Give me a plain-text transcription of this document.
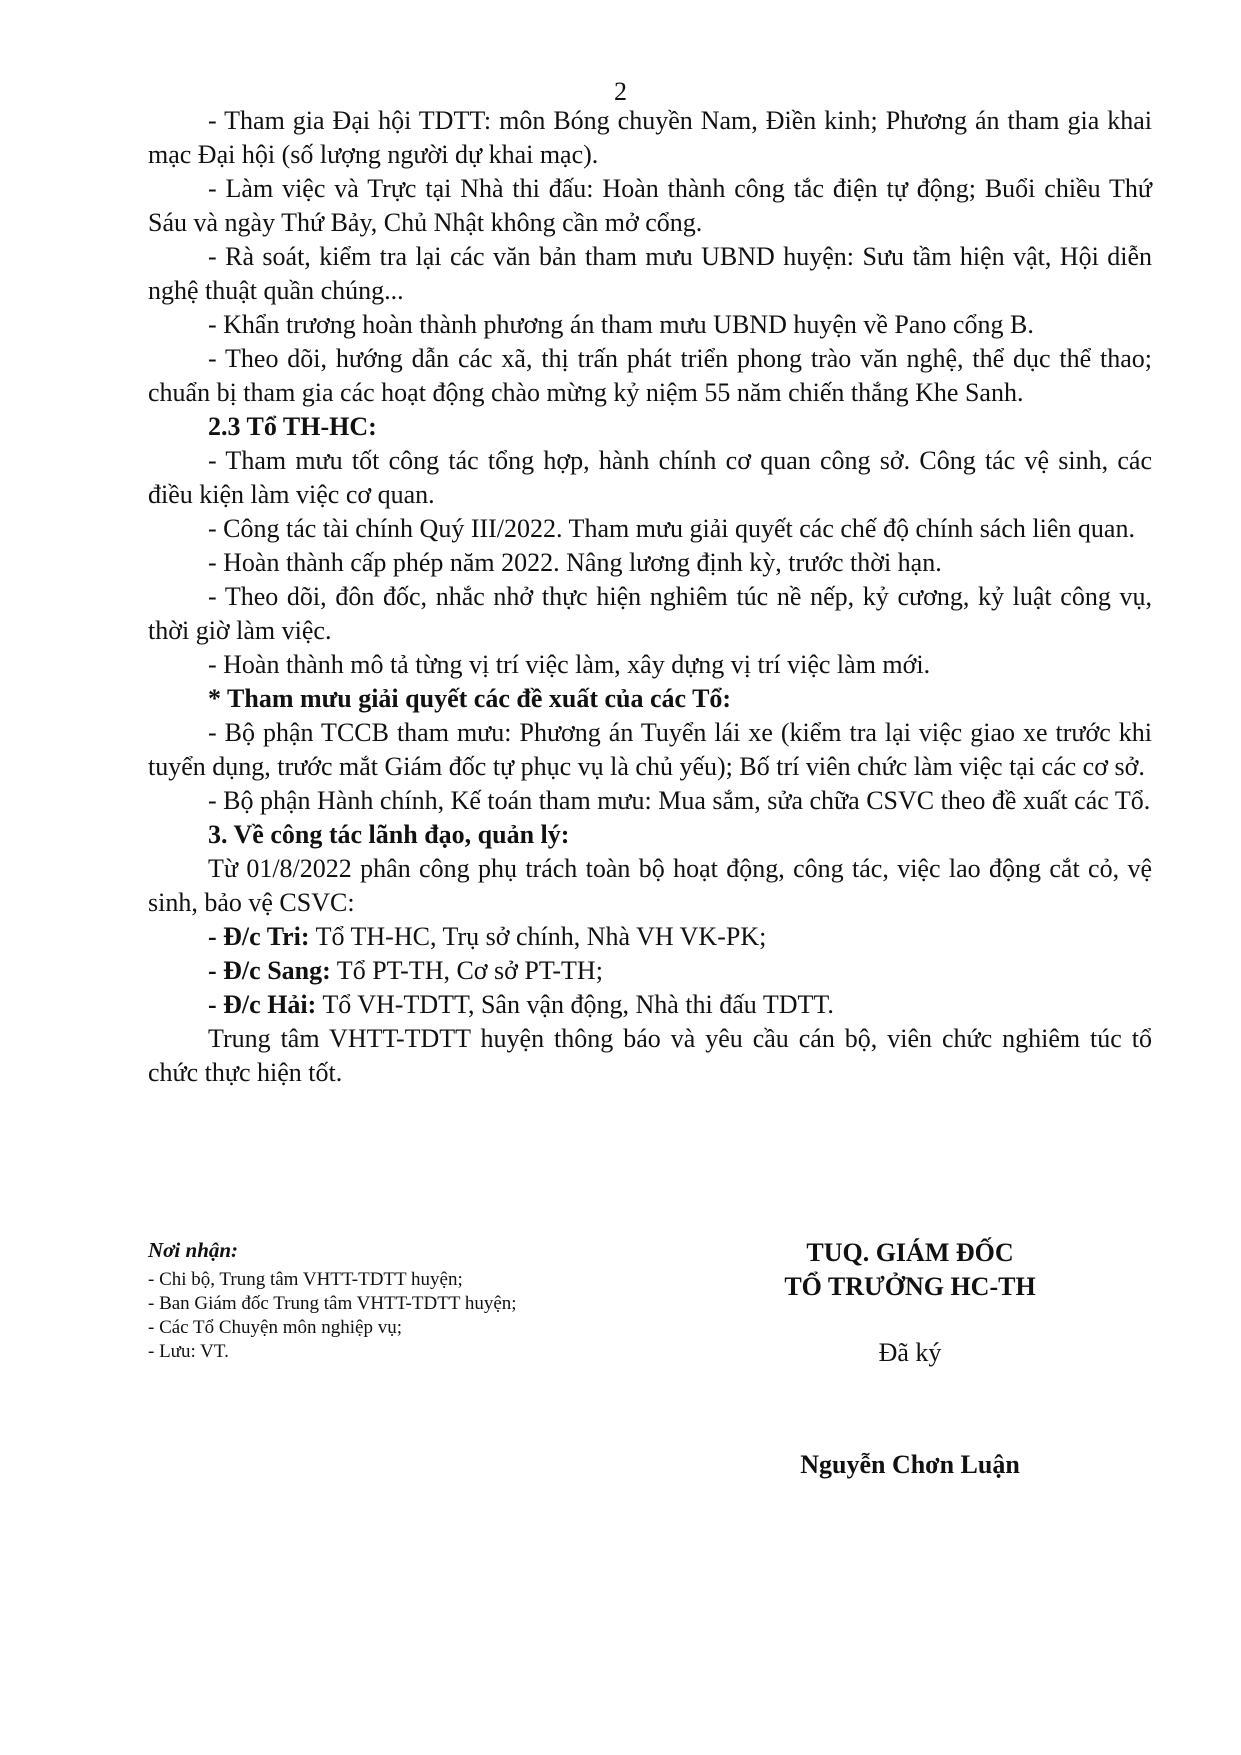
2

- Tham gia Đại hội TDTT: môn Bóng chuyền Nam, Điền kinh; Phương án tham gia khai mạc Đại hội (số lượng người dự khai mạc).

- Làm việc và Trực tại Nhà thi đấu: Hoàn thành công tắc điện tự động; Buổi chiều Thứ Sáu và ngày Thứ Bảy, Chủ Nhật không cần mở cổng.

- Rà soát, kiểm tra lại các văn bản tham mưu UBND huyện: Sưu tầm hiện vật, Hội diễn nghệ thuật quần chúng...

- Khẩn trương hoàn thành phương án tham mưu UBND huyện về Pano cổng B.

- Theo dõi, hướng dẫn các xã, thị trấn phát triển phong trào văn nghệ, thể dục thể thao; chuẩn bị tham gia các hoạt động chào mừng kỷ niệm 55 năm chiến thắng Khe Sanh.

2.3 Tổ TH-HC:

- Tham mưu tốt công tác tổng hợp, hành chính cơ quan công sở. Công tác vệ sinh, các điều kiện làm việc cơ quan.

- Công tác tài chính Quý III/2022. Tham mưu giải quyết các chế độ chính sách liên quan.

- Hoàn thành cấp phép năm 2022. Nâng lương định kỳ, trước thời hạn.

- Theo dõi, đôn đốc, nhắc nhở thực hiện nghiêm túc nề nếp, kỷ cương, kỷ luật công vụ, thời giờ làm việc.

- Hoàn thành mô tả từng vị trí việc làm, xây dựng vị trí việc làm mới.

* Tham mưu giải quyết các đề xuất của các Tổ:

- Bộ phận TCCB tham mưu: Phương án Tuyển lái xe (kiểm tra lại việc giao xe trước khi tuyển dụng, trước mắt Giám đốc tự phục vụ là chủ yếu); Bố trí viên chức làm việc tại các cơ sở.

- Bộ phận Hành chính, Kế toán tham mưu: Mua sắm, sửa chữa CSVC theo đề xuất các Tổ.

3. Về công tác lãnh đạo, quản lý:

Từ 01/8/2022 phân công phụ trách toàn bộ hoạt động, công tác, việc lao động cắt cỏ, vệ sinh, bảo vệ CSVC:

- Đ/c Tri: Tổ TH-HC, Trụ sở chính, Nhà VH VK-PK;

- Đ/c Sang: Tổ PT-TH, Cơ sở PT-TH;

- Đ/c Hải: Tổ VH-TDTT, Sân vận động, Nhà thi đấu TDTT.

Trung tâm VHTT-TDTT huyện thông báo và yêu cầu cán bộ, viên chức nghiêm túc tổ chức thực hiện tốt.

Nơi nhận:
- Chi bộ, Trung tâm VHTT-TDTT huyện;
- Ban Giám đốc Trung tâm VHTT-TDTT huyện;
- Các Tổ Chuyện môn nghiệp vụ;
- Lưu: VT.
TUQ. GIÁM ĐỐC
TỔ TRƯỞNG HC-TH
Đã ký
Nguyễn Chơn Luận
